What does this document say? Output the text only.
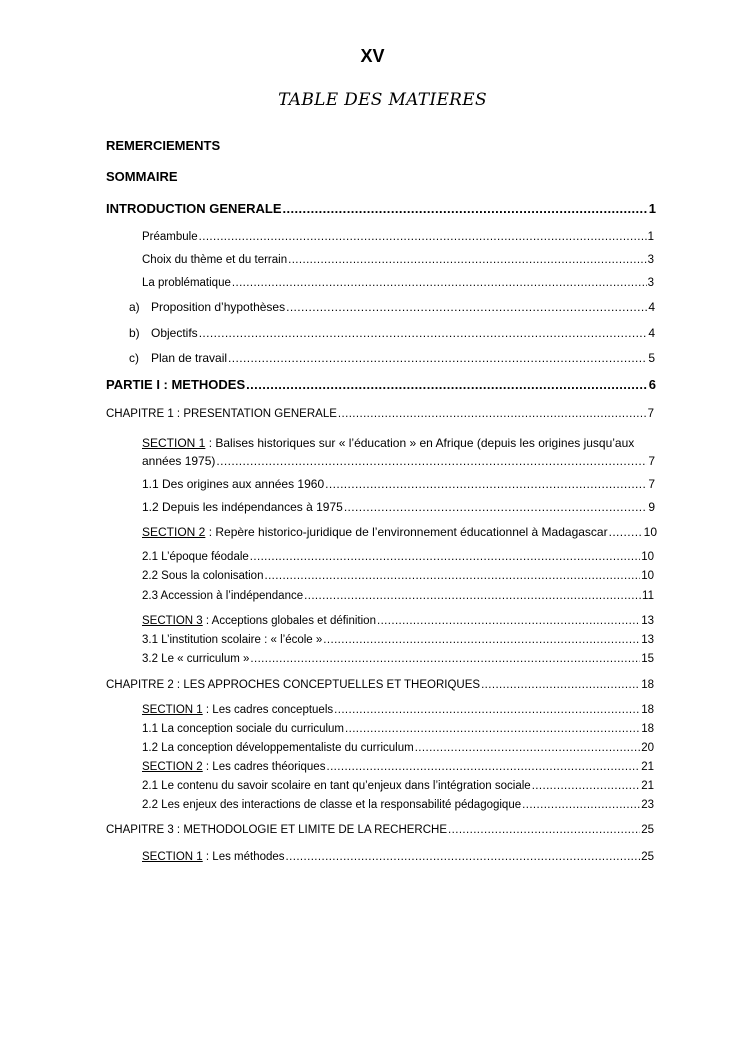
XV
TABLE DES MATIERES
REMERCIEMENTS
SOMMAIRE
INTRODUCTION GENERALE .....	1
Préambule .....	1
Choix du thème et du terrain .....	3
La problématique .....	3
a) Proposition d’hypothèses .....	4
b) Objectifs .....	4
c) Plan de travail .....	5
PARTIE I : METHODES .....	6
CHAPITRE 1 : PRESENTATION GENERALE .....	7
SECTION 1 : Balises historiques sur « l’éducation » en Afrique (depuis les origines jusqu’aux
années 1975) .....	7
1.1 Des origines aux années 1960 .....	7
1.2 Depuis les indépendances à 1975 .....	9
SECTION 2 : Repère historico-juridique de l’environnement éducationnel à Madagascar .....	10
2.1 L’époque féodale .....	10
2.2 Sous la colonisation .....	10
2.3 Accession à l’indépendance .....	11
SECTION 3 : Acceptions globales et définition .....	13
3.1 L’institution scolaire : « l’école » .....	13
3.2 Le « curriculum » .....	15
CHAPITRE 2 : LES APPROCHES CONCEPTUELLES ET THEORIQUES .....	18
SECTION 1 : Les cadres conceptuels .....	18
1.1 La conception sociale du curriculum .....	18
1.2 La conception développementaliste du curriculum .....	20
SECTION 2 : Les cadres théoriques .....	21
2.1 Le contenu du savoir scolaire en tant qu’enjeux dans l’intégration sociale .....	21
2.2 Les enjeux des interactions de classe et la responsabilité pédagogique .....	23
CHAPITRE 3 : METHODOLOGIE ET LIMITE DE LA RECHERCHE .....	25
SECTION 1 : Les méthodes .....	25
